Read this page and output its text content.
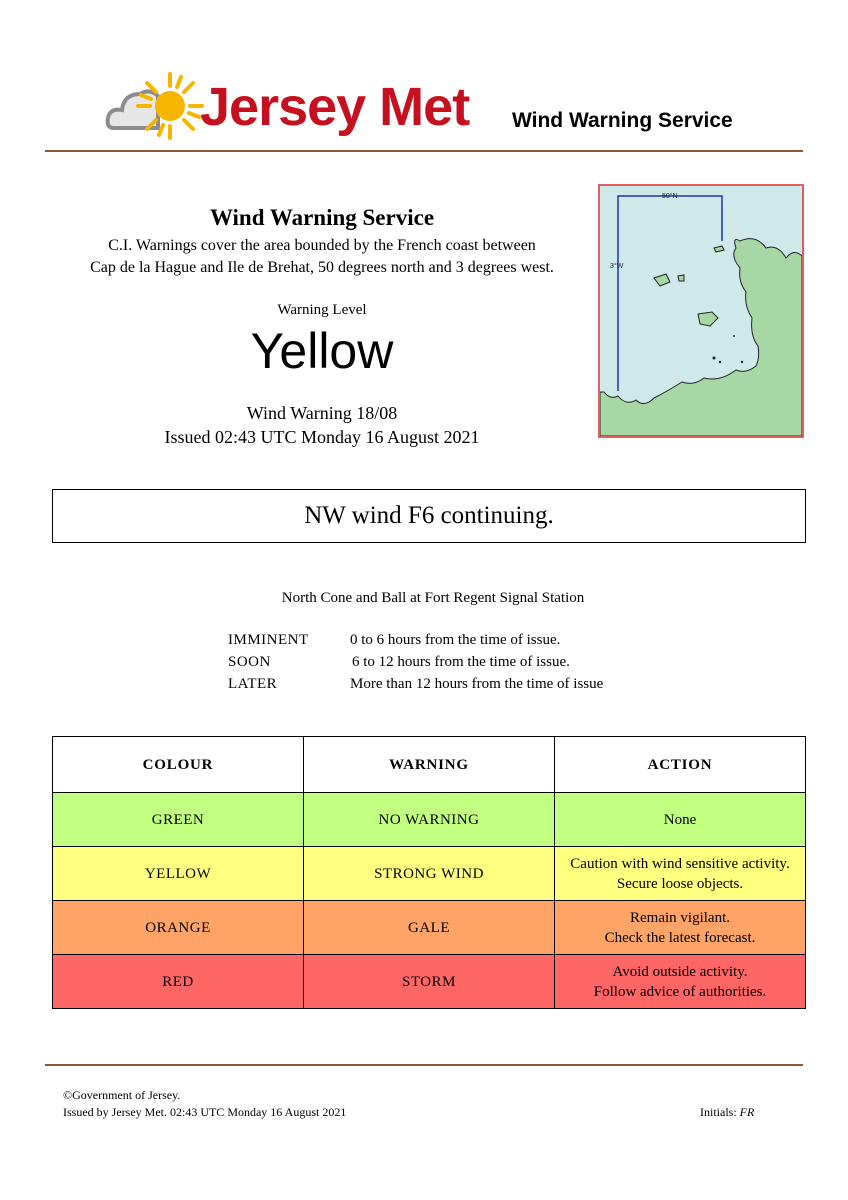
Jersey Met Wind Warning Service
Wind Warning Service
C.I. Warnings cover the area bounded by the French coast between
Cap de la Hague and Ile de Brehat, 50 degrees north and 3 degrees west.
Warning Level
Yellow
Wind Warning 18/08
Issued 02:43 UTC Monday 16 August 2021
50°N
3°W
NW wind F6 continuing.
North Cone and Ball at Fort Regent Signal Station
IMMINENT	0 to 6 hours from the time of issue.
SOON	6 to 12 hours from the time of issue.
LATER	More than 12 hours from the time of issue
COLOUR	WARNING	ACTION
GREEN	NO WARNING	None

YELLOW	STRONG WIND	Caution with wind sensitive activity.
Secure loose objects.

ORANGE	GALE	Remain vigilant.
Check the latest forecast.

RED	STORM	Avoid outside activity.
Follow advice of authorities.
©Government of Jersey.
Issued by Jersey Met. 02:43 UTC Monday 16 August 2021	Initials: FR
